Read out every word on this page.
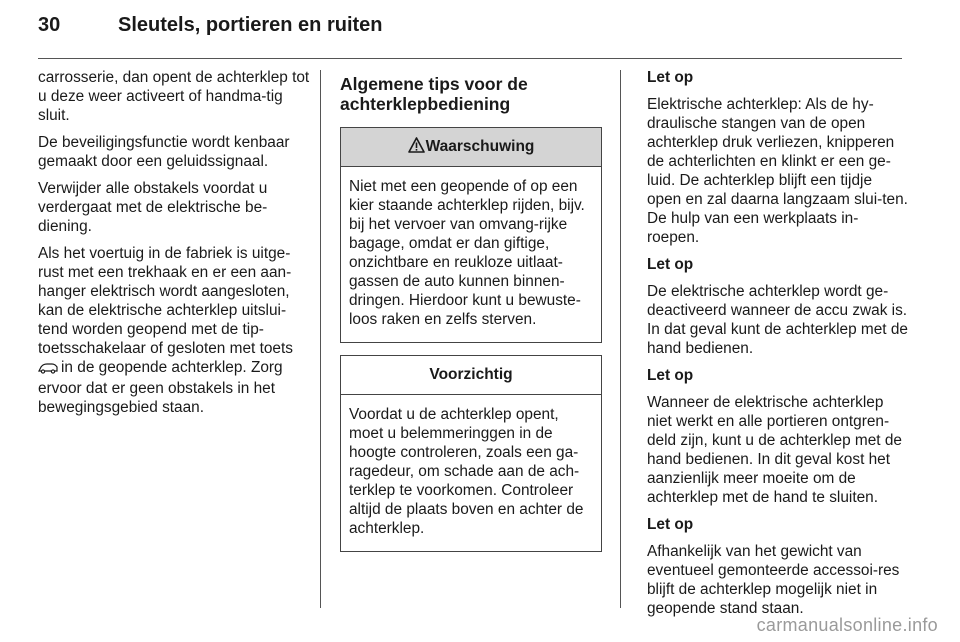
30	Sleutels, portieren en ruiten

carrosserie, dan opent de achterklep tot u deze weer activeert of handma-tig sluit.

De beveiligingsfunctie wordt kenbaar gemaakt door een geluidssignaal.

Verwijder alle obstakels voordat u verdergaat met de elektrische be-diening.

Als het voertuig in de fabriek is uitge-rust met een trekhaak en er een aan-hanger elektrisch wordt aangesloten, kan de elektrische achterklep uitslui-tend worden geopend met de tip-toetsschakelaar of gesloten met toets in de geopende achterklep. Zorg ervoor dat er geen obstakels in het bewegingsgebied staan.

Algemene tips voor de achterklepbediening
Waarschuwing
Niet met een geopende of op een kier staande achterklep rijden, bijv. bij het vervoer van omvang-rijke bagage, omdat er dan giftige, onzichtbare en reukloze uitlaat-gassen de auto kunnen binnen-dringen. Hierdoor kunt u bewuste-loos raken en zelfs sterven.
Voorzichtig
Voordat u de achterklep opent, moet u belemmeringgen in de hoogte controleren, zoals een ga-ragedeur, om schade aan de ach-terklep te voorkomen. Controleer altijd de plaats boven en achter de achterklep.

Let op

Elektrische achterklep: Als de hy-draulische stangen van de open achterklep druk verliezen, knipperen de achterlichten en klinkt er een ge-luid. De achterklep blijft een tijdje open en zal daarna langzaam slui-ten. De hulp van een werkplaats in-roepen.

Let op

De elektrische achterklep wordt ge-deactiveerd wanneer de accu zwak is. In dat geval kunt de achterklep met de hand bedienen.

Let op

Wanneer de elektrische achterklep niet werkt en alle portieren ontgren-deld zijn, kunt u de achterklep met de hand bedienen. In dit geval kost het aanzienlijk meer moeite om de achterklep met de hand te sluiten.

Let op

Afhankelijk van het gewicht van eventueel gemonteerde accessoi-res blijft de achterklep mogelijk niet in geopende stand staan.

carmanualsonline.info
